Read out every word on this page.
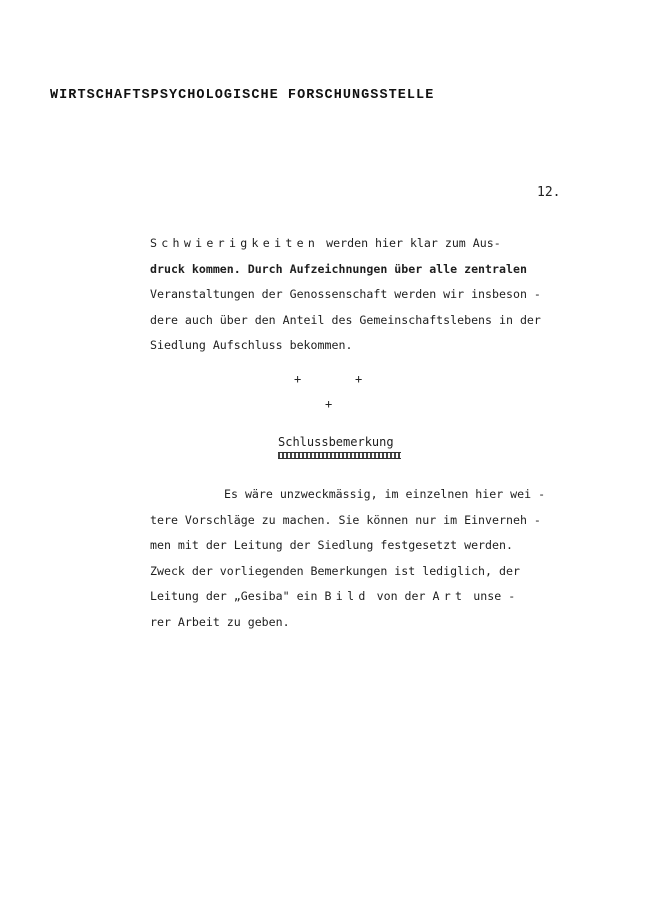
WIRTSCHAFTSPSYCHOLOGISCHE FORSCHUNGSSTELLE
12.
Schwierigkeiten werden hier klar zum Aus-
druck kommen. Durch Aufzeichnungen über alle zentralen
Veranstaltungen der Genossenschaft werden wir insbeson -
dere auch über den Anteil des Gemeinschaftslebens in der
Siedlung Aufschluss bekommen.
+	+
+
Schlussbemerkung
Es wäre unzweckmässig, im einzelnen hier wei -
tere Vorschläge zu machen. Sie können nur im Einverneh -
men mit der Leitung der Siedlung festgesetzt werden.
Zweck der vorliegenden Bemerkungen ist lediglich, der
Leitung der „Gesiba" ein Bild von der Art unse -
rer Arbeit zu geben.
